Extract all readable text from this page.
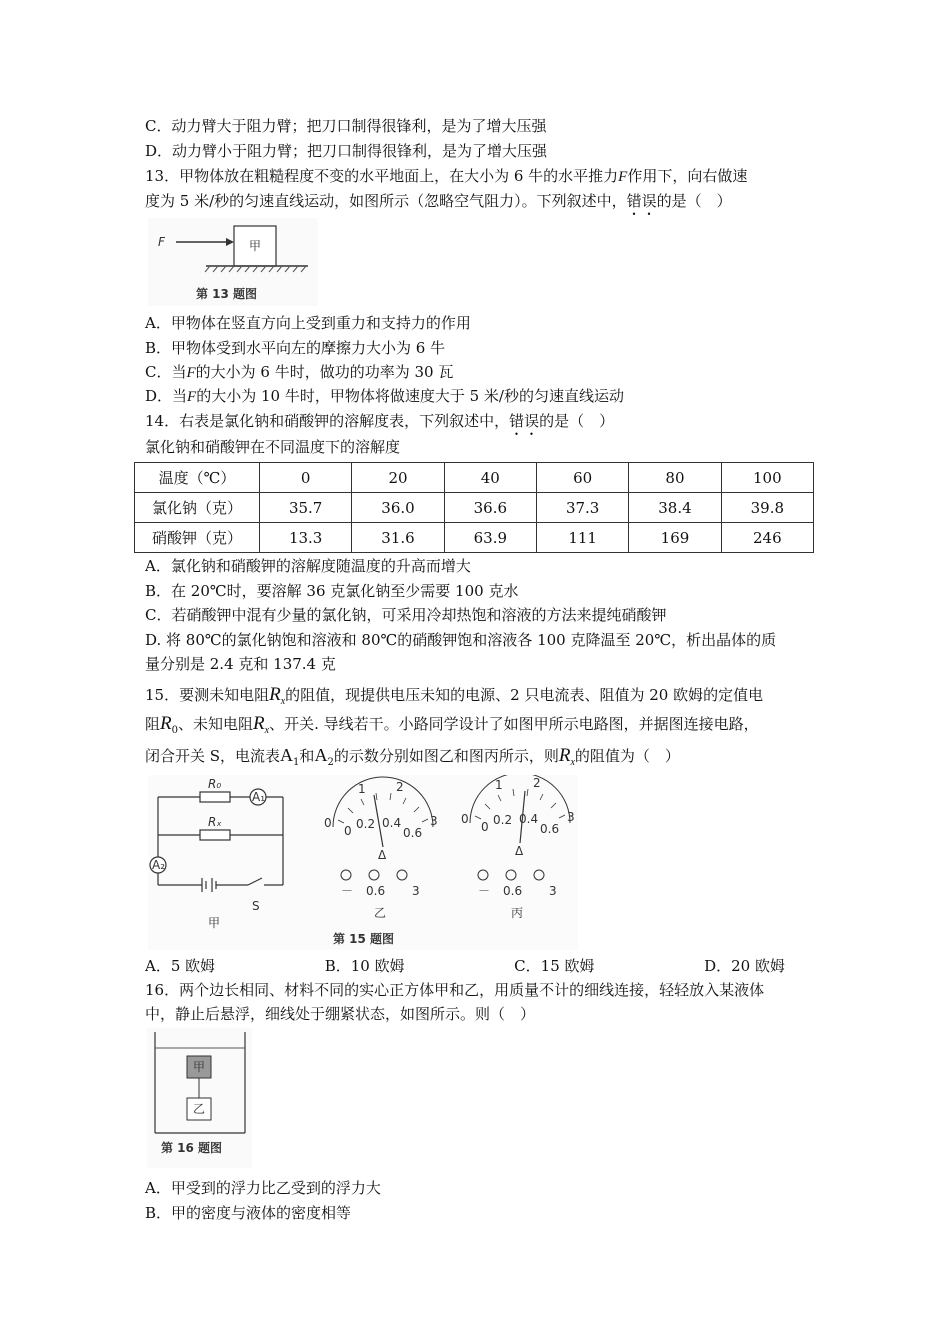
C．动力臂大于阻力臂；把刀口制得很锋利，是为了增大压强
D．动力臂小于阻力臂；把刀口制得很锋利，是为了增大压强
13．甲物体放在粗糙程度不变的水平地面上，在大小为 6 牛的水平推力F作用下，向右做速
度为 5 米/秒的匀速直线运动，如图所示（忽略空气阻力）。下列叙述中，错误的是（　）
F	甲
第 13 题图
A．甲物体在竖直方向上受到重力和支持力的作用
B．甲物体受到水平向左的摩擦力大小为 6 牛
C．当F的大小为 6 牛时，做功的功率为 30 瓦
D．当F的大小为 10 牛时，甲物体将做速度大于 5 米/秒的匀速直线运动
14．右表是氯化钠和硝酸钾的溶解度表，下列叙述中，错误的是（　）
氯化钠和硝酸钾在不同温度下的溶解度
温度（℃）	0	20	40	60	80	100
氯化钠（克）	35.7	36.0	36.6	37.3	38.4	39.8
硝酸钾（克）	13.3	31.6	63.9	111	169	246
A．氯化钠和硝酸钾的溶解度随温度的升高而增大
B．在 20℃时，要溶解 36 克氯化钠至少需要 100 克水
C．若硝酸钾中混有少量的氯化钠，可采用冷却热饱和溶液的方法来提纯硝酸钾
D. 将 80℃的氯化钠饱和溶液和 80℃的硝酸钾饱和溶液各 100 克降温至 20℃，析出晶体的质
量分别是 2.4 克和 137.4 克
15．要测未知电阻$R_x$的阻值，现提供电压未知的电源、2 只电流表、阻值为 20 欧姆的定值电
阻$R_0$、未知电阻$R_x$、开关. 导线若干。小路同学设计了如图甲所示电路图，并据图连接电路，
闭合开关 S，电流表$A_1$和$A_2$的示数分别如图乙和图丙所示，则$R_x$的阻值为（　）
R₀
Rₓ
A₁
A₂
S
甲
0
1	2
3
0 0.2 0.4
0.6
Δ
－ 0.6 3
乙
0
1	2
3
0 0.2 0.4
0.6
Δ
－ 0.6 3
丙
第 15 题图
A．5 欧姆	B．10 欧姆	C．15 欧姆	D．20 欧姆
16．两个边长相同、材料不同的实心正方体甲和乙，用质量不计的细线连接，轻轻放入某液体
中，静止后悬浮，细线处于绷紧状态，如图所示。则（　）
甲
乙
第 16 题图
A．甲受到的浮力比乙受到的浮力大
B．甲的密度与液体的密度相等
